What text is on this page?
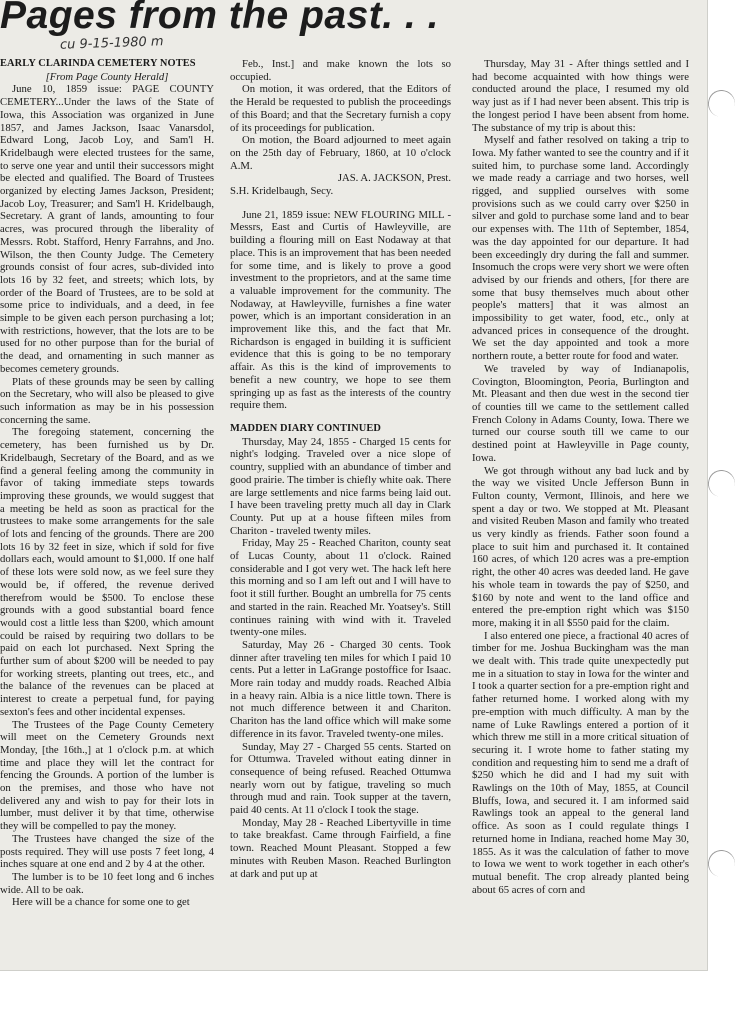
Pages from the past. . .
cu 9-15-1980 m

EARLY CLARINDA CEMETERY NOTES

[From Page County Herald]

June 10, 1859 issue: PAGE COUNTY CEMETERY...Under the laws of the State of Iowa, this Association was organized in June 1857, and James Jackson, Isaac Vanarsdol, Edward Long, Jacob Loy, and Sam'l H. Kridelbaugh were elected trustees for the same, to serve one year and until their successors might be elected and qualified. The Board of Trustees organized by electing James Jackson, President; Jacob Loy, Treasurer; and Sam'l H. Kridelbaugh, Secretary. A grant of lands, amounting to four acres, was procured through the liberality of Messrs. Robt. Stafford, Henry Farrahns, and Jno. Wilson, the then County Judge. The Cemetery grounds consist of four acres, sub-divided into lots 16 by 32 feet, and streets; which lots, by order of the Board of Trustees, are to be sold at some price to individuals, and a deed, in fee simple to be given each person purchasing a lot; with restrictions, however, that the lots are to be used for no other purpose than for the burial of the dead, and ornamenting in such manner as becomes cemetery grounds.

Plats of these grounds may be seen by calling on the Secretary, who will also be pleased to give such information as may be in his possession concerning the same.

The foregoing statement, concerning the cemetery, has been furnished us by Dr. Kridelbaugh, Secretary of the Board, and as we find a general feeling among the community in favor of taking immediate steps towards improving these grounds, we would suggest that a meeting be held as soon as practical for the trustees to make some arrangements for the sale of lots and fencing of the grounds. There are 200 lots 16 by 32 feet in size, which if sold for five dollars each, would amount to $1,000. If one half of these lots were sold now, as we feel sure they would be, if offered, the revenue derived therefrom would be $500. To enclose these grounds with a good substantial board fence would cost a little less than $200, which amount could be raised by requiring two dollars to be paid on each lot purchased. Next Spring the further sum of about $200 will be needed to pay for working streets, planting out trees, etc., and the balance of the revenues can be placed at interest to create a perpetual fund, for paying sexton's fees and other incidental expenses.

The Trustees of the Page County Cemetery will meet on the Cemetery Grounds next Monday, [the 16th.,] at 1 o'clock p.m. at which time and place they will let the contract for fencing the Grounds. A portion of the lumber is on the premises, and those who have not delivered any and wish to pay for their lots in lumber, must deliver it by that time, otherwise they will be compelled to pay the money.

The Trustees have changed the size of the posts required. They will use posts 7 feet long, 4 inches square at one end and 2 by 4 at the other.

The lumber is to be 10 feet long and 6 inches wide. All to be oak.

Here will be a chance for some one to get

Feb., Inst.] and make known the lots so occupied.

On motion, it was ordered, that the Editors of the Herald be requested to publish the proceedings of this Board; and that the Secretary furnish a copy of its proceedings for publication.

On motion, the Board adjourned to meet again on the 25th day of February, 1860, at 10 o'clock A.M.

JAS. A. JACKSON, Prest.

S.H. Kridelbaugh, Secy.

June 21, 1859 issue: NEW FLOURING MILL - Messrs, East and Curtis of Hawleyville, are building a flouring mill on East Nodaway at that place. This is an improvement that has been needed for some time, and is likely to prove a good investment to the proprietors, and at the same time a valuable improvement for the community. The Nodaway, at Hawleyville, furnishes a fine water power, which is an important consideration in an improvement like this, and the fact that Mr. Richardson is engaged in building it is sufficient evidence that this is going to be no temporary affair. As this is the kind of improvements to benefit a new country, we hope to see them springing up as fast as the interests of the country require them.

MADDEN DIARY CONTINUED

Thursday, May 24, 1855 - Charged 15 cents for night's lodging. Traveled over a nice slope of country, supplied with an abundance of timber and good prairie. The timber is chiefly white oak. There are large settlements and nice farms being laid out. I have been traveling pretty much all day in Clark County. Put up at a house fifteen miles from Chariton - traveled twenty miles.

Friday, May 25 - Reached Chariton, county seat of Lucas County, about 11 o'clock. Rained considerable and I got very wet. The hack left here this morning and so I am left out and I will have to foot it still further. Bought an umbrella for 75 cents and started in the rain. Reached Mr. Yoatsey's. Still continues raining with wind with it. Traveled twenty-one miles.

Saturday, May 26 - Charged 30 cents. Took dinner after traveling ten miles for which I paid 10 cents. Put a letter in LaGrange postoffice for Isaac. More rain today and muddy roads. Reached Albia in a heavy rain. Albia is a nice little town. There is not much difference between it and Chariton. Chariton has the land office which will make some difference in its favor. Traveled twenty-one miles.

Sunday, May 27 - Charged 55 cents. Started on for Ottumwa. Traveled without eating dinner in consequence of being refused. Reached Ottumwa nearly worn out by fatigue, traveling so much through mud and rain. Took supper at the tavern, paid 40 cents. At 11 o'clock I took the stage.

Monday, May 28 - Reached Libertyville in time to take breakfast. Came through Fairfield, a fine town. Reached Mount Pleasant. Stopped a few minutes with Reuben Mason. Reached Burlington at dark and put up at

Thursday, May 31 - After things settled and I had become acquainted with how things were conducted around the place, I resumed my old way just as if I had never been absent. This trip is the longest period I have been absent from home. The substance of my trip is about this:

Myself and father resolved on taking a trip to Iowa. My father wanted to see the country and if it suited him, to purchase some land. Accordingly we made ready a carriage and two horses, well rigged, and supplied ourselves with some provisions such as we could carry over $250 in silver and gold to purchase some land and to bear our expenses with. The 11th of September, 1854, was the day appointed for our departure. It had been exceedingly dry during the fall and summer. Insomuch the crops were very short we were often advised by our friends and others, [for there are some that busy themselves much about other people's matters] that it was almost an impossibility to get water, food, etc., only at advanced prices in consequence of the drought. We set the day appointed and took a more northern route, a better route for food and water.

We traveled by way of Indianapolis, Covington, Bloomington, Peoria, Burlington and Mt. Pleasant and then due west in the second tier of counties till we came to the settlement called French Colony in Adams County, Iowa. There we turned our course south till we came to our destined point at Hawleyville in Page county, Iowa.

We got through without any bad luck and by the way we visited Uncle Jefferson Bunn in Fulton county, Vermont, Illinois, and here we spent a day or two. We stopped at Mt. Pleasant and visited Reuben Mason and family who treated us very kindly as friends. Father soon found a place to suit him and purchased it. It contained 160 acres, of which 120 acres was a pre-emption right, the other 40 acres was deeded land. He gave his whole team in towards the pay of $250, and $160 by note and went to the land office and entered the pre-emption right which was $150 more, making it in all $550 paid for the claim.

I also entered one piece, a fractional 40 acres of timber for me. Joshua Buckingham was the man we dealt with. This trade quite unexpectedly put me in a situation to stay in Iowa for the winter and I took a quarter section for a pre-emption right and father returned home. I worked along with my pre-emption with much difficulty. A man by the name of Luke Rawlings entered a portion of it which threw me still in a more critical situation of securing it. I wrote home to father stating my condition and requesting him to send me a draft of $250 which he did and I had my suit with Rawlings on the 10th of May, 1855, at Council Bluffs, Iowa, and secured it. I am informed said Rawlings took an appeal to the general land office. As soon as I could regulate things I returned home in Indiana, reached home May 30, 1855. As it was the calculation of father to move to Iowa we went to work together in each other's mutual benefit. The crop already planted being about 65 acres of corn and
